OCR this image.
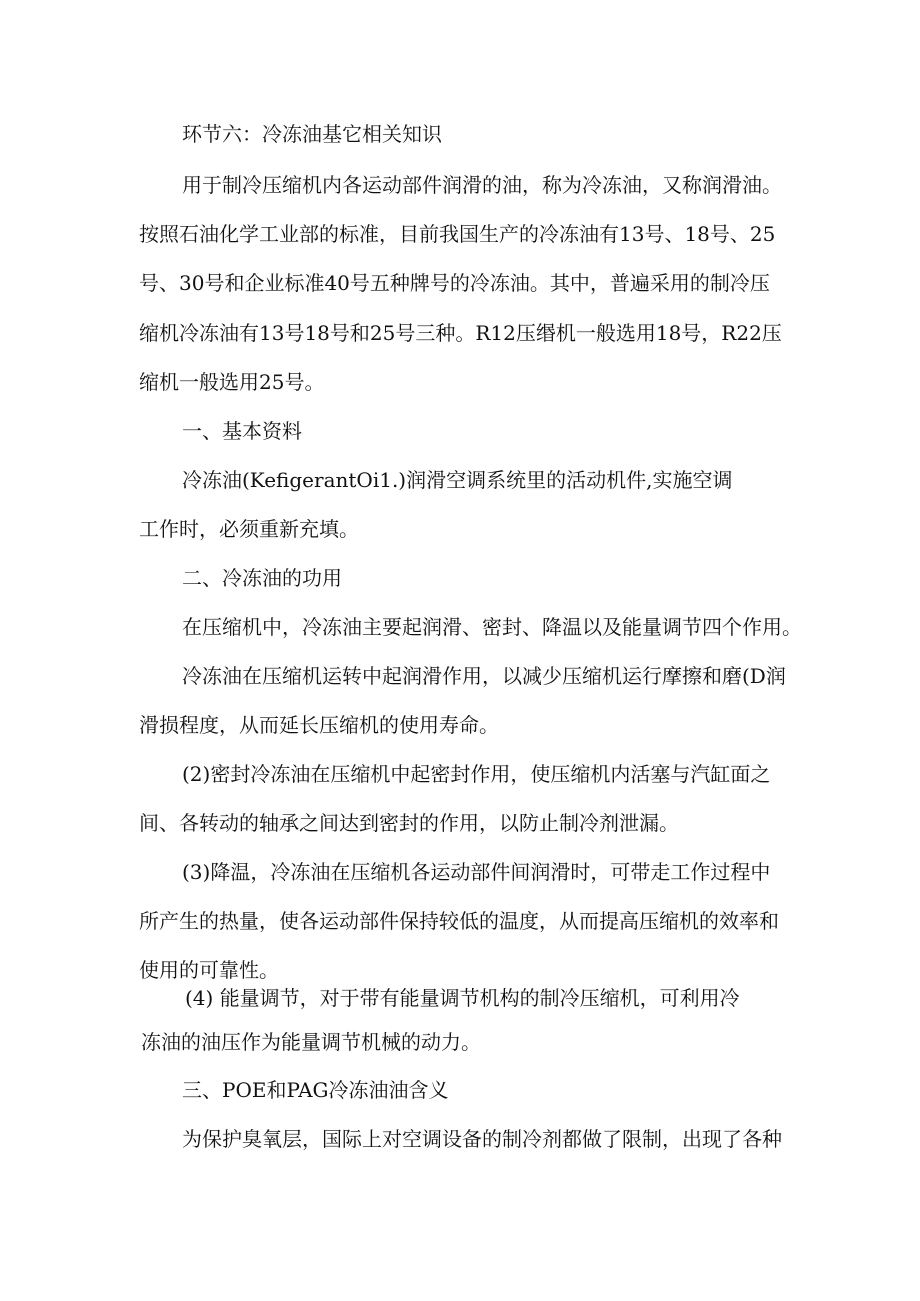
环节六：冷冻油基它相关知识
用于制冷压缩机内各运动部件润滑的油，称为冷冻油，又称润滑油。
按照石油化学工业部的标准，目前我国生产的冷冻油有13号、18号、25
号、30号和企业标准40号五种牌号的冷冻油。其中，普遍采用的制冷压
缩机冷冻油有13号18号和25号三种。R12压缗机一般选用18号，R22压
缩机一般选用25号。
一、基本资料
冷冻油(KefigerantOi1.)润滑空调系统里的活动机件,实施空调
工作时，必须重新充填。
二、冷冻油的功用
在压缩机中，冷冻油主要起润滑、密封、降温以及能量调节四个作用。
冷冻油在压缩机运转中起润滑作用，以减少压缩机运行摩擦和磨(D润
滑损程度，从而延长压缩机的使用寿命。
(2)密封冷冻油在压缩机中起密封作用，使压缩机内活塞与汽缸面之
间、各转动的轴承之间达到密封的作用，以防止制冷剂泄漏。
(3)降温，冷冻油在压缩机各运动部件间润滑时，可带走工作过程中
所产生的热量，使各运动部件保持较低的温度，从而提高压缩机的效率和
使用的可靠性。
(4) 能量调节，对于带有能量调节机构的制冷压缩机，可利用冷
冻油的油压作为能量调节机械的动力。
三、POE和PAG冷冻油油含义
为保护臭氧层，国际上对空调设备的制冷剂都做了限制，出现了各种
